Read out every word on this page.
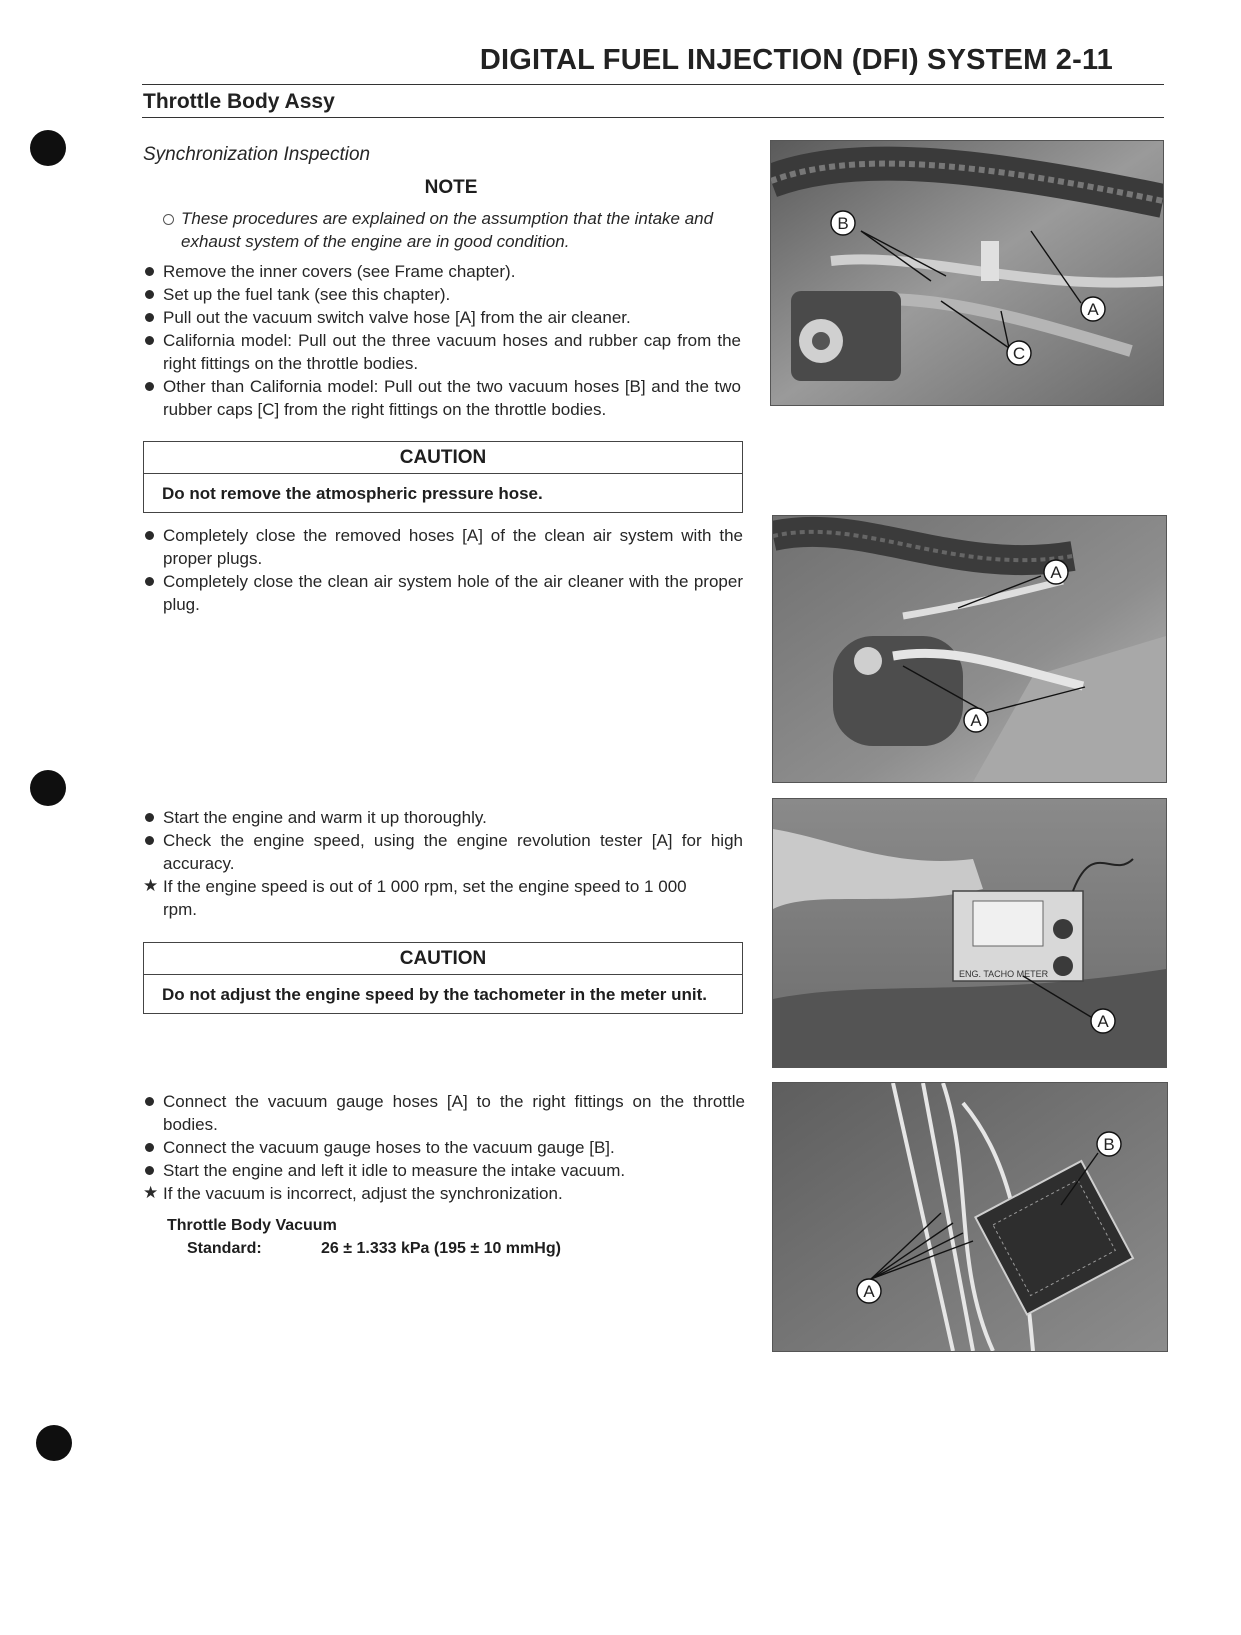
DIGITAL FUEL INJECTION (DFI) SYSTEM 2-11
Throttle Body Assy
Synchronization Inspection
NOTE
These procedures are explained on the assumption that the intake and exhaust system of the engine are in good condition.
Remove the inner covers (see Frame chapter).
Set up the fuel tank (see this chapter).
Pull out the vacuum switch valve hose [A] from the air cleaner.
California model: Pull out the three vacuum hoses and rubber cap from the right fittings on the throttle bodies.
Other than California model: Pull out the two vacuum hoses [B] and the two rubber caps [C] from the right fittings on the throttle bodies.
CAUTION
Do not remove the atmospheric pressure hose.
Completely close the removed hoses [A] of the clean air system with the proper plugs.
Completely close the clean air system hole of the air cleaner with the proper plug.
Start the engine and warm it up thoroughly.
Check the engine speed, using the engine revolution tester [A] for high accuracy.
★ If the engine speed is out of 1 000 rpm, set the engine speed to 1 000 rpm.
CAUTION
Do not adjust the engine speed by the tachometer in the meter unit.
Connect the vacuum gauge hoses [A] to the right fittings on the throttle bodies.
Connect the vacuum gauge hoses to the vacuum gauge [B].
Start the engine and left it idle to measure the intake vacuum.
★ If the vacuum is incorrect, adjust the synchronization.
Throttle Body Vacuum
Standard:	26 ± 1.333 kPa (195 ± 10 mmHg)
B
A
C
A
A
ENG. TACHO METER
A
B
A
